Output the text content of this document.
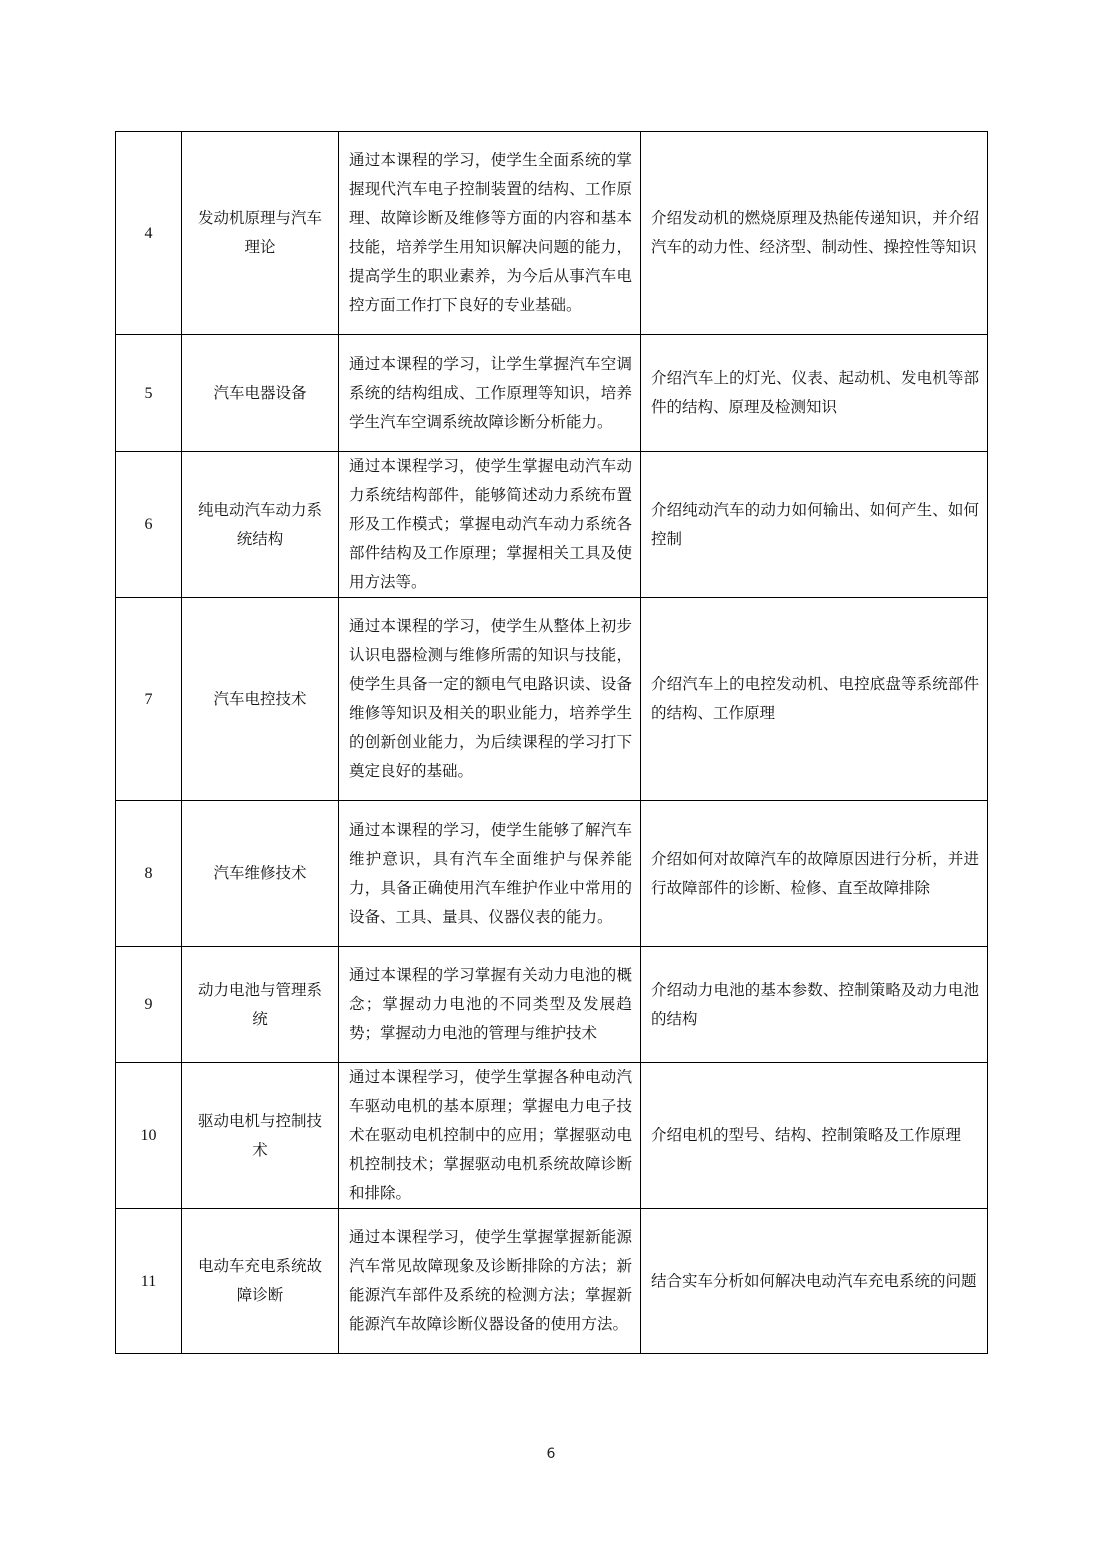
4	发动机原理与汽车理论	通过本课程的学习，使学生全面系统的掌握现代汽车电子控制装置的结构、工作原理、故障诊断及维修等方面的内容和基本技能，培养学生用知识解决问题的能力，提高学生的职业素养，为今后从事汽车电控方面工作打下良好的专业基础。	介绍发动机的燃烧原理及热能传递知识，并介绍汽车的动力性、经济型、制动性、操控性等知识
5	汽车电器设备	通过本课程的学习，让学生掌握汽车空调系统的结构组成、工作原理等知识，培养学生汽车空调系统故障诊断分析能力。	介绍汽车上的灯光、仪表、起动机、发电机等部件的结构、原理及检测知识
6	纯电动汽车动力系统结构	通过本课程学习，使学生掌握电动汽车动力系统结构部件，能够简述动力系统布置形及工作模式；掌握电动汽车动力系统各部件结构及工作原理；掌握相关工具及使用方法等。	介绍纯动汽车的动力如何输出、如何产生、如何控制
7	汽车电控技术	通过本课程的学习，使学生从整体上初步认识电器检测与维修所需的知识与技能，使学生具备一定的额电气电路识读、设备维修等知识及相关的职业能力，培养学生的创新创业能力，为后续课程的学习打下奠定良好的基础。	介绍汽车上的电控发动机、电控底盘等系统部件的结构、工作原理
8	汽车维修技术	通过本课程的学习，使学生能够了解汽车维护意识，具有汽车全面维护与保养能力，具备正确使用汽车维护作业中常用的设备、工具、量具、仪器仪表的能力。	介绍如何对故障汽车的故障原因进行分析，并进行故障部件的诊断、检修、直至故障排除
9	动力电池与管理系统	通过本课程的学习掌握有关动力电池的概念；掌握动力电池的不同类型及发展趋势；掌握动力电池的管理与维护技术	介绍动力电池的基本参数、控制策略及动力电池的结构
10	驱动电机与控制技术	通过本课程学习，使学生掌握各种电动汽车驱动电机的基本原理；掌握电力电子技术在驱动电机控制中的应用；掌握驱动电机控制技术；掌握驱动电机系统故障诊断和排除。	介绍电机的型号、结构、控制策略及工作原理
11	电动车充电系统故障诊断	通过本课程学习，使学生掌握掌握新能源汽车常见故障现象及诊断排除的方法；新能源汽车部件及系统的检测方法；掌握新能源汽车故障诊断仪器设备的使用方法。	结合实车分析如何解决电动汽车充电系统的问题
6
